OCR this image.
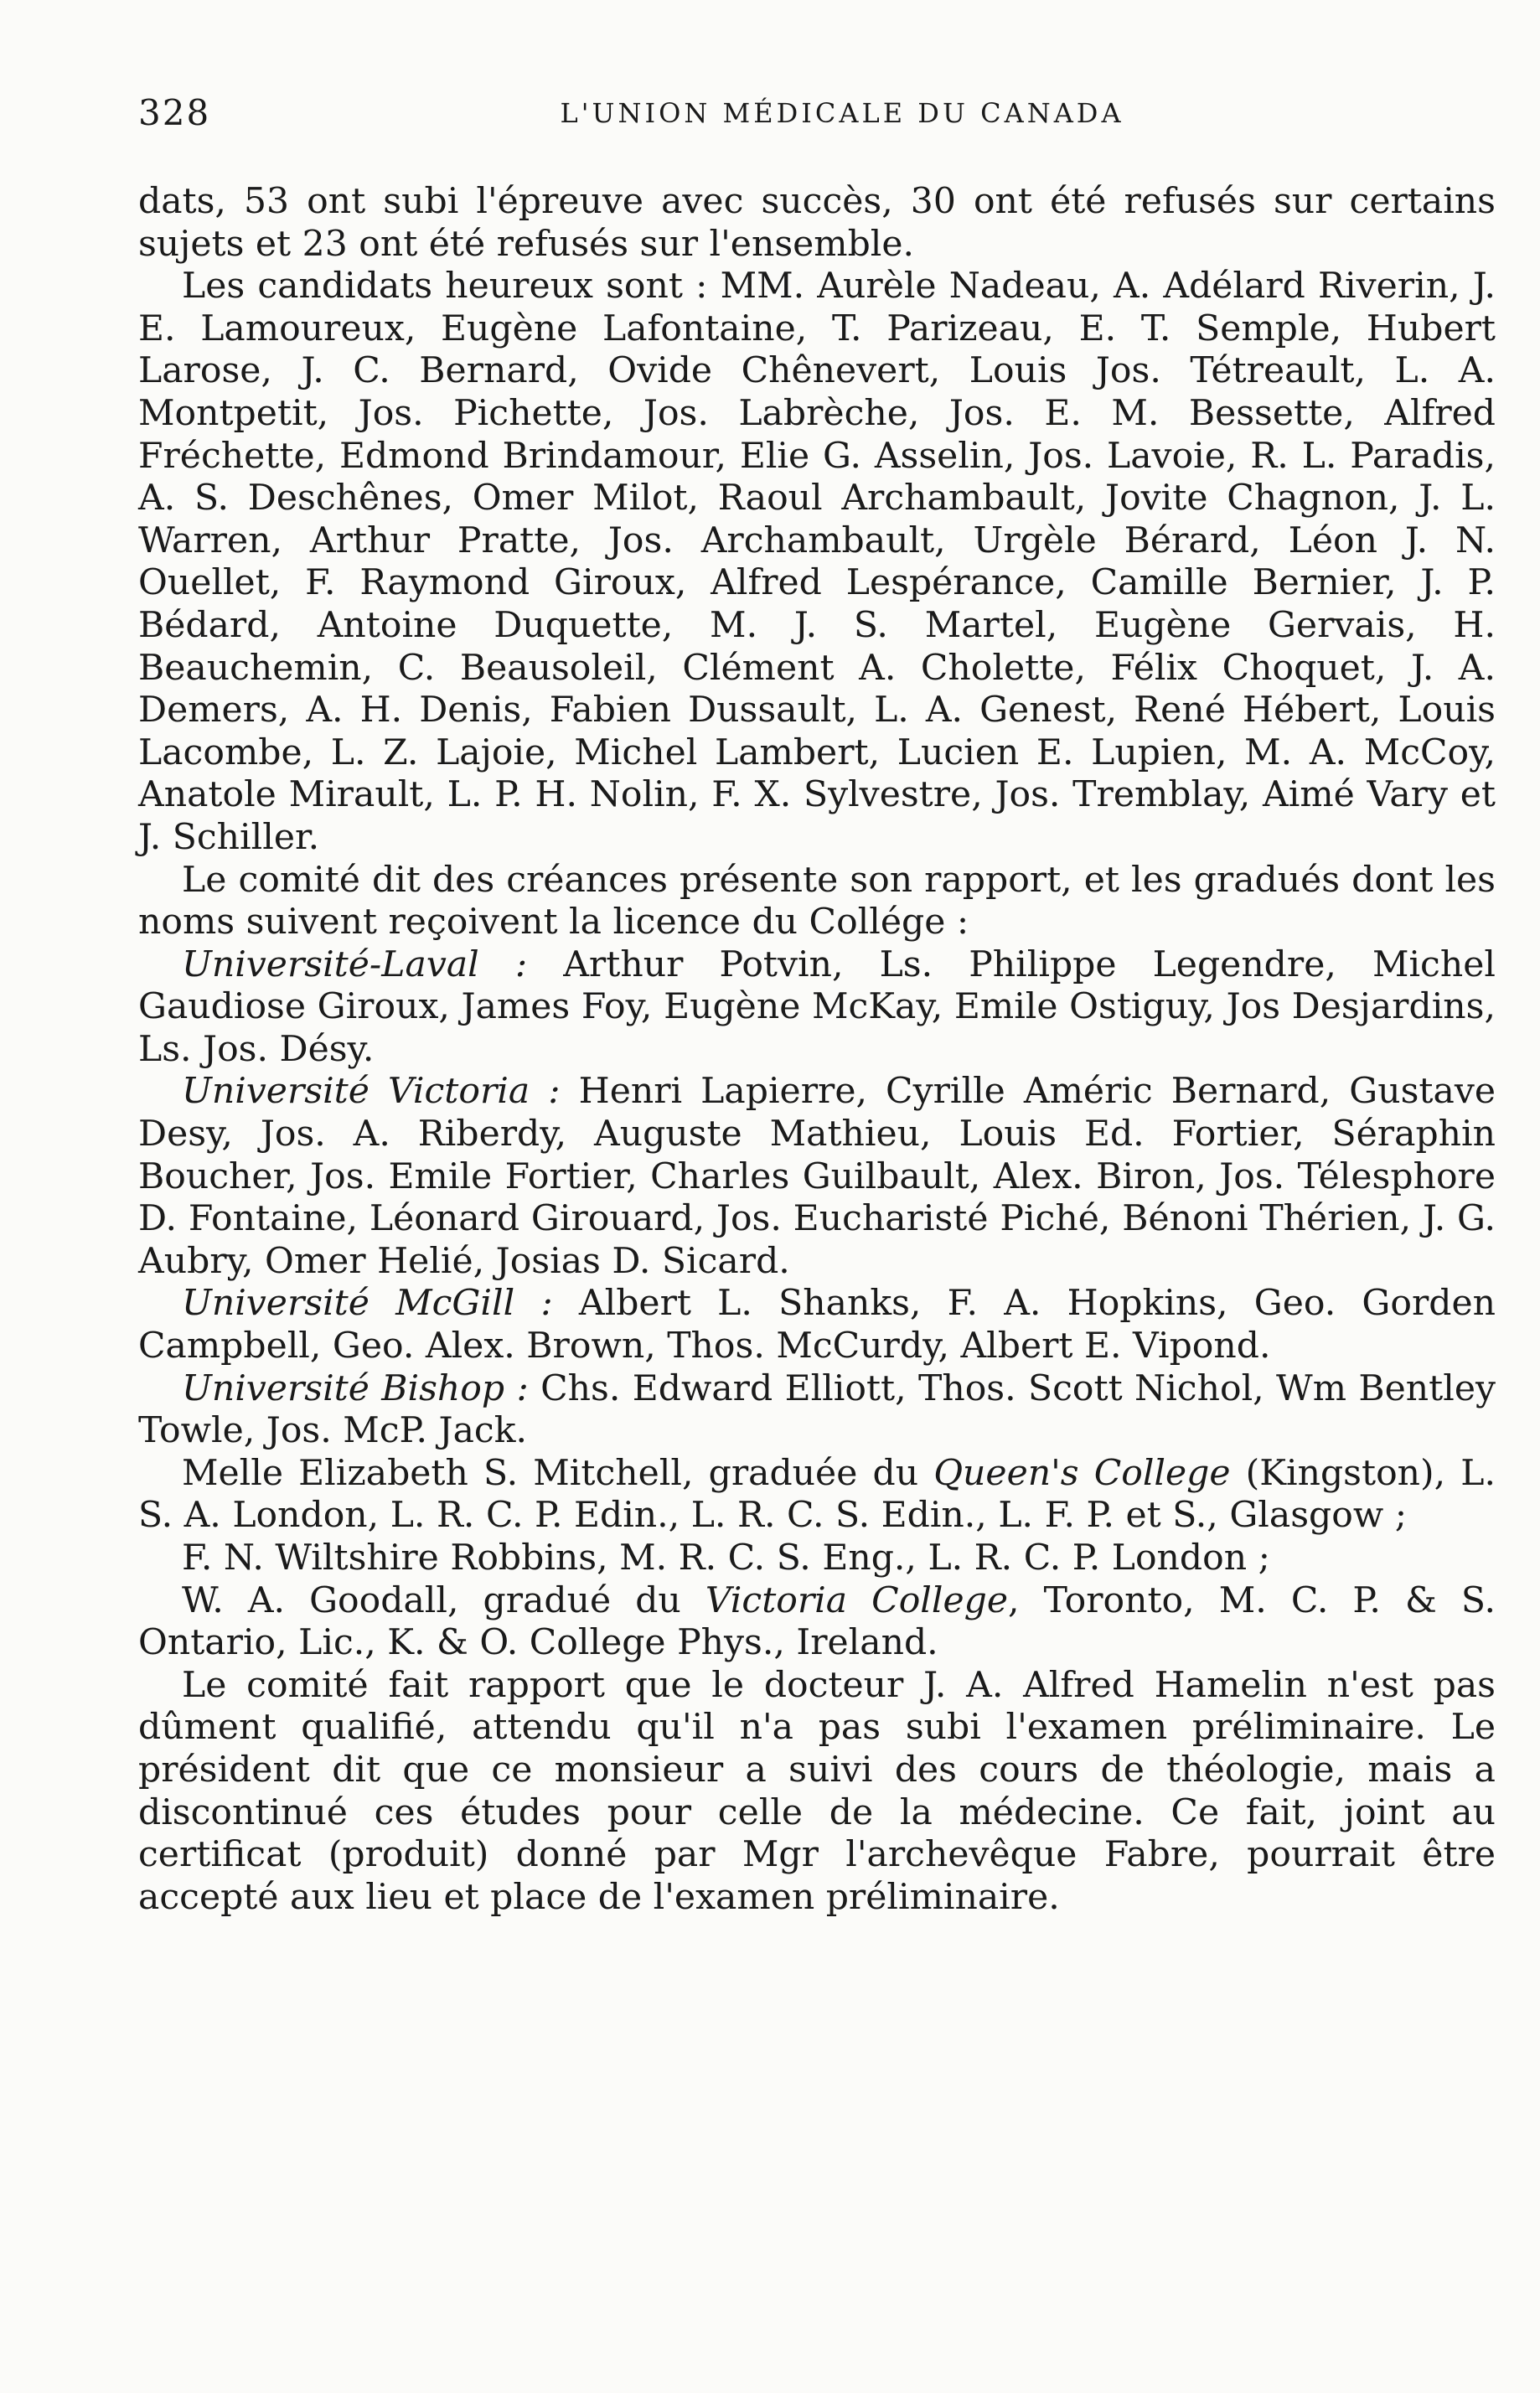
328	L'UNION MÉDICALE DU CANADA

dats, 53 ont subi l'épreuve avec succès, 30 ont été refusés sur certains sujets et 23 ont été refusés sur l'ensemble.

Les candidats heureux sont : MM. Aurèle Nadeau, A. Adélard Riverin, J. E. Lamoureux, Eugène Lafontaine, T. Parizeau, E. T. Semple, Hubert Larose, J. C. Bernard, Ovide Chênevert, Louis Jos. Tétreault, L. A. Montpetit, Jos. Pichette, Jos. Labrèche, Jos. E. M. Bessette, Alfred Fréchette, Edmond Brindamour, Elie G. Asselin, Jos. Lavoie, R. L. Paradis, A. S. Deschênes, Omer Milot, Raoul Archambault, Jovite Chagnon, J. L. Warren, Arthur Pratte, Jos. Archambault, Urgèle Bérard, Léon J. N. Ouellet, F. Raymond Giroux, Alfred Lespérance, Camille Bernier, J. P. Bédard, Antoine Duquette, M. J. S. Martel, Eugène Gervais, H. Beauchemin, C. Beausoleil, Clément A. Cholette, Félix Choquet, J. A. Demers, A. H. Denis, Fabien Dussault, L. A. Genest, René Hébert, Louis Lacombe, L. Z. Lajoie, Michel Lambert, Lucien E. Lupien, M. A. McCoy, Anatole Mirault, L. P. H. Nolin, F. X. Sylvestre, Jos. Tremblay, Aimé Vary et J. Schiller.

Le comité dit des créances présente son rapport, et les gradués dont les noms suivent reçoivent la licence du Collége :

Université-Laval : Arthur Potvin, Ls. Philippe Legendre, Michel Gaudiose Giroux, James Foy, Eugène McKay, Emile Ostiguy, Jos Desjardins, Ls. Jos. Désy.

Université Victoria : Henri Lapierre, Cyrille Améric Bernard, Gustave Desy, Jos. A. Riberdy, Auguste Mathieu, Louis Ed. Fortier, Séraphin Boucher, Jos. Emile Fortier, Charles Guilbault, Alex. Biron, Jos. Télesphore D. Fontaine, Léonard Girouard, Jos. Eucharisté Piché, Bénoni Thérien, J. G. Aubry, Omer Helié, Josias D. Sicard.

Université McGill : Albert L. Shanks, F. A. Hopkins, Geo. Gorden Campbell, Geo. Alex. Brown, Thos. McCurdy, Albert E. Vipond.

Université Bishop : Chs. Edward Elliott, Thos. Scott Nichol, Wm Bentley Towle, Jos. McP. Jack.

Melle Elizabeth S. Mitchell, graduée du Queen's College (Kingston), L. S. A. London, L. R. C. P. Edin., L. R. C. S. Edin., L. F. P. et S., Glasgow ;

F. N. Wiltshire Robbins, M. R. C. S. Eng., L. R. C. P. London ;

W. A. Goodall, gradué du Victoria College, Toronto, M. C. P. & S. Ontario, Lic., K. & O. College Phys., Ireland.

Le comité fait rapport que le docteur J. A. Alfred Hamelin n'est pas dûment qualifié, attendu qu'il n'a pas subi l'examen préliminaire. Le président dit que ce monsieur a suivi des cours de théologie, mais a discontinué ces études pour celle de la médecine. Ce fait, joint au certificat (produit) donné par Mgr l'archevêque Fabre, pourrait être accepté aux lieu et place de l'examen préliminaire.
